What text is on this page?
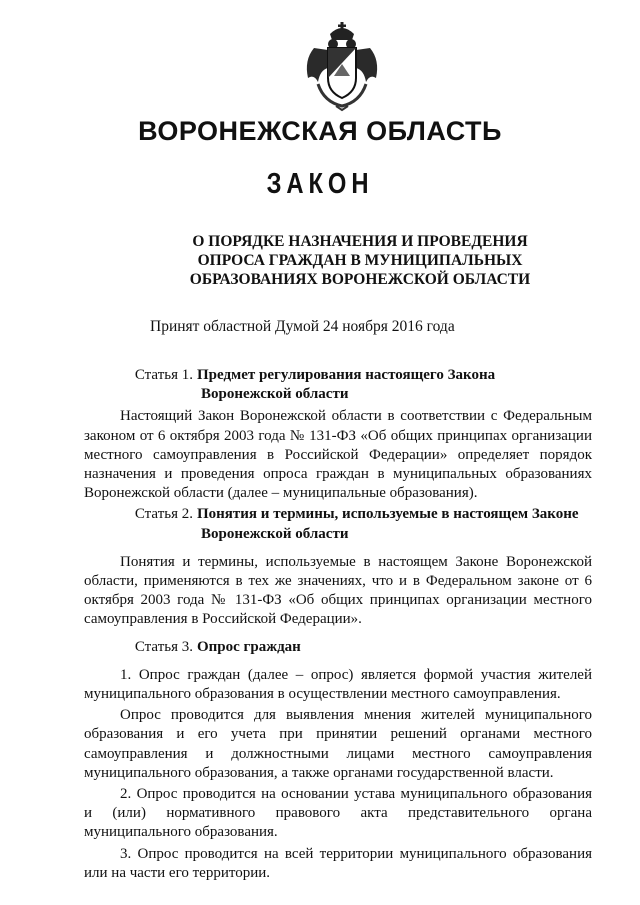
ВОРОНЕЖСКАЯ ОБЛАСТЬ
ЗАКОН
О ПОРЯДКЕ НАЗНАЧЕНИЯ И ПРОВЕДЕНИЯ ОПРОСА ГРАЖДАН В МУНИЦИПАЛЬНЫХ ОБРАЗОВАНИЯХ ВОРОНЕЖСКОЙ ОБЛАСТИ
Принят областной Думой 24 ноября 2016 года
Статья 1. Предмет регулирования настоящего Закона
Воронежской области

Настоящий Закон Воронежской области в соответствии с Федеральным законом от 6 октября 2003 года № 131-ФЗ «Об общих принципах организации местного самоуправления в Российской Федерации» определяет порядок назначения и проведения опроса граждан в муниципальных образованиях Воронежской области (далее – муниципальные образования).

Статья 2. Понятия и термины, используемые в настоящем Законе
Воронежской области

Понятия и термины, используемые в настоящем Законе Воронежской области, применяются в тех же значениях, что и в Федеральном законе от 6 октября 2003 года № 131-ФЗ «Об общих принципах организации местного самоуправления в Российской Федерации».

Статья 3. Опрос граждан

1. Опрос граждан (далее – опрос) является формой участия жителей муниципального образования в осуществлении местного самоуправления.

Опрос проводится для выявления мнения жителей муниципального образования и его учета при принятии решений органами местного самоуправления и должностными лицами местного самоуправления муниципального образования, а также органами государственной власти.

2. Опрос проводится на основании устава муниципального образования и (или) нормативного правового акта представительного органа муниципального образования.

3. Опрос проводится на всей территории муниципального образования или на части его территории.
